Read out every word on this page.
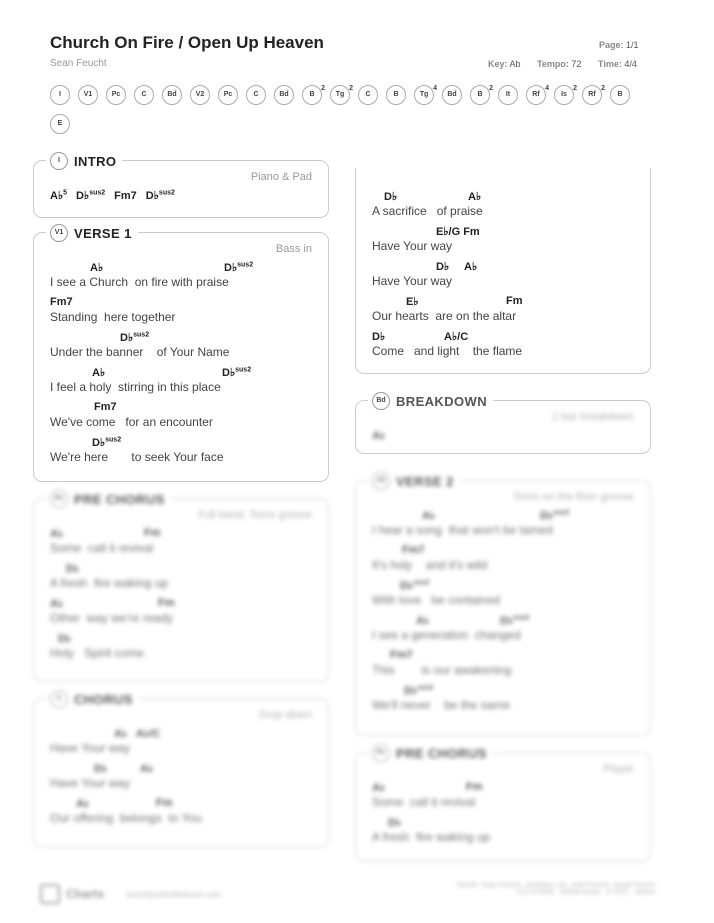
Church On Fire / Open Up Heaven
Sean Feucht
Page: 1/1
Key: Ab Tempo: 72 Time: 4/4
I	V1	Pc	C	Bd	V2	Pc	C	Bd	B
2
Tg
2
C	B	Tg
4
Bd	B
2
It	Rf
4
Is
2
Rf
2
BE
I	INTRO
Piano & Pad
A♭$^5$ D♭$^{sus2}$ Fm7 D♭$^{sus2}$
V1 VERSE 1
Bass in
A♭	D♭$^{sus2}$
I see a Church  on fire with praise
Fm7
Standing  here together
D♭$^{sus2}$
Under the banner    of Your Name
A♭	D♭$^{sus2}$
I feel a holy  stirring in this place
Fm7
We've come   for an encounter
D♭$^{sus2}$
We're here       to seek Your face
Pc PRE CHORUS
Full band, Toms groove
A♭	Fm
Some  call it revival
D♭
A fresh  fire waking up
A♭	Fm
Other  way we're ready
D♭
Holy   Spirit come
C CHORUS
Drop down
A♭ A♭/C
Have Your way
D♭	A♭
Have Your way
A♭	Fm
Our offering  belongs  to You
D♭	A♭
A sacrifice   of praise
E♭/G Fm
Have Your way
D♭ A♭
Have Your way
E♭	Fm
Our hearts  are on the altar
D♭	A♭/C
Come   and light    the flame
Bd BREAKDOWN
2 bar breakdown
A♭
V2 VERSE 2
Toms on the floor groove
A♭	D♭$^{sus2}$
I hear a song  that won't be tamed
Fm7
It's holy    and it's wild
D♭$^{sus2}$
With love   be contained
A♭	D♭$^{sus2}$
I see a generation  changed
Fm7
This        is our awakening
D♭$^{sus2}$
We'll never    be the same
Pc PRE CHORUS
Player
A♭	Fm
Some  call it revival
D♭
A fresh  fire waking up
Charts	worshiponlinefeatures.com
Words: Sean Feucht, Jonathan Lee, Josh Feucht, Sarah Feucht
CCLI# 0000 · Bethel Music · © 2021 · Admin
